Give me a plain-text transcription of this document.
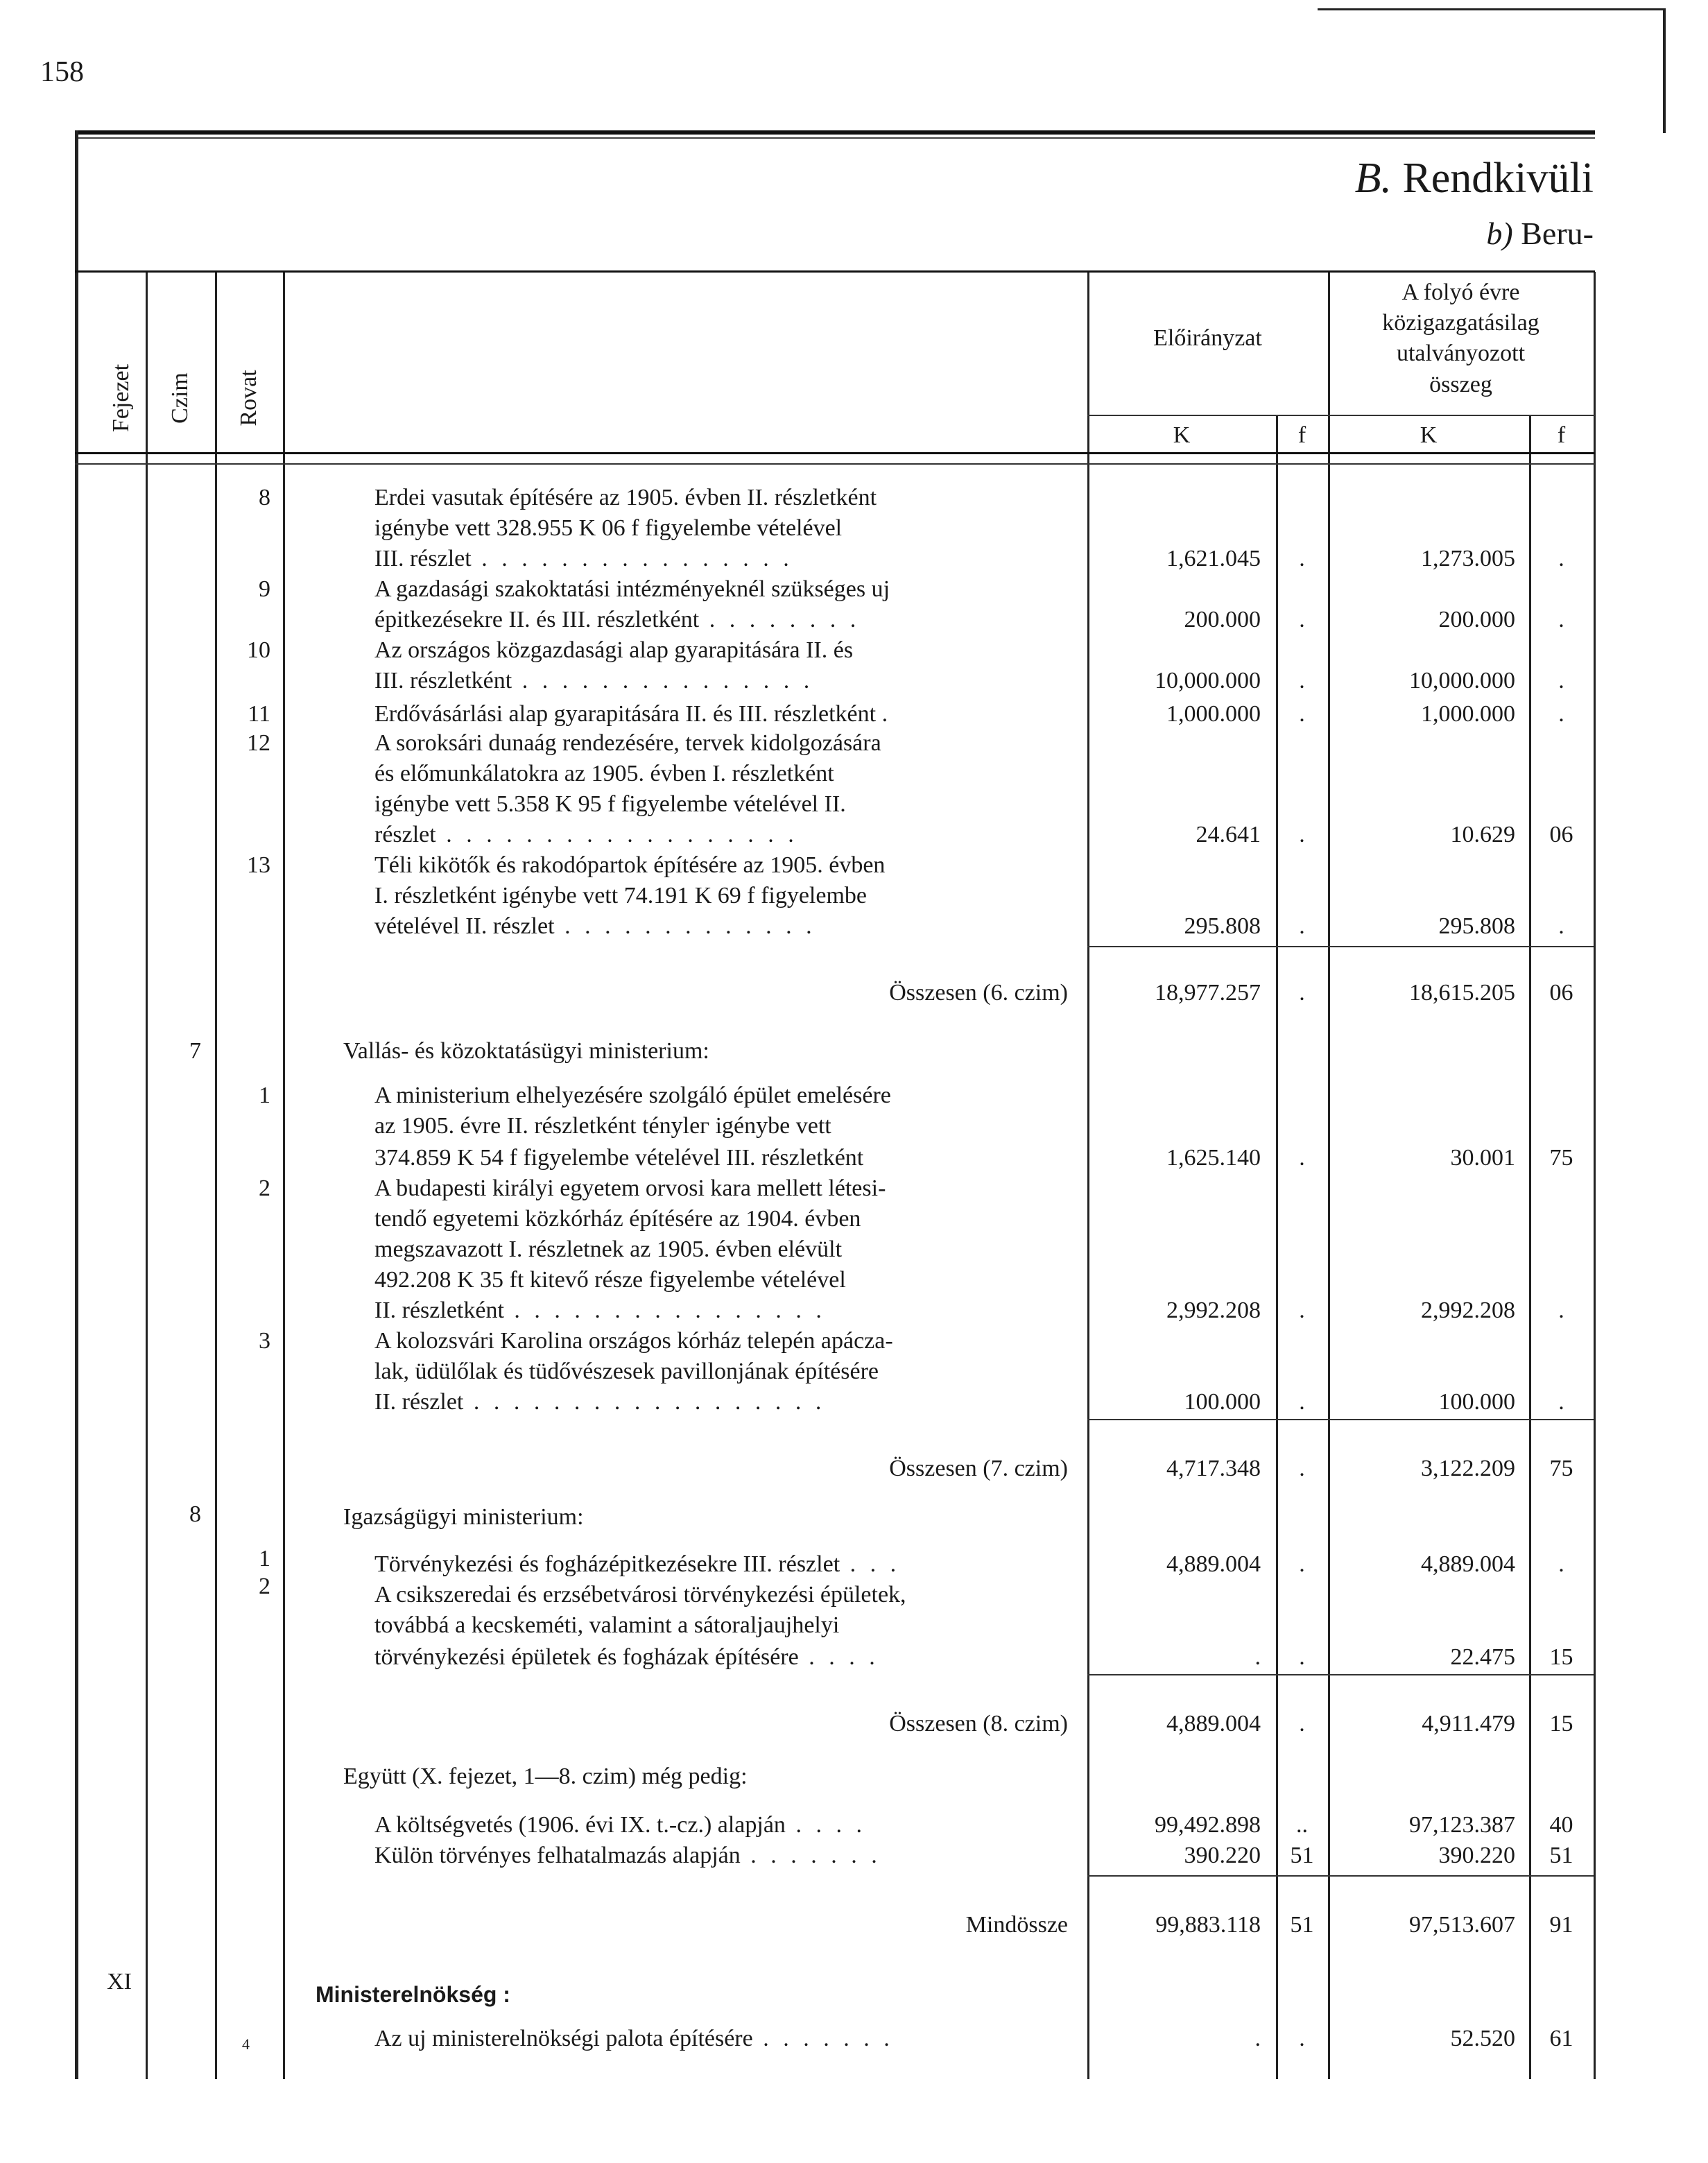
158
B. Rendkivüli
b) Beru-
Fejezet Czim Rovat
Előirányzat
A folyó évre
közigazgatásilag
utalványozott
összeg
K	f	K	f
8	Erdei vasutak építésére az 1905. évben II. részletként
igénybe vett 328.955 K 06 f figyelembe vételével
III. részlet . . . . . . . . . . . . . . . .	1,621.045	.	1,273.005	.
9	A gazdasági szakoktatási intézményeknél szükséges uj
épitkezésekre II. és III. részletként . . . . . . . .	200.000	.	200.000	.
10	Az országos közgazdasági alap gyarapitására II. és
III. részletként . . . . . . . . . . . . . . .	10,000.000	.	10,000.000	.
11	Erdővásárlási alap gyarapitására II. és III. részletként .	1,000.000	.	1,000.000	.
12	A soroksári dunaág rendezésére, tervek kidolgozására
és előmunkálatokra az 1905. évben I. részletként
igénybe vett 5.358 K 95 f figyelembe vételével II.
részlet . . . . . . . . . . . . . . . . . .	24.641	.	10.629	06
13	Téli kikötők és rakodópartok építésére az 1905. évben
I. részletként igénybe vett 74.191 K 69 f figyelembe
vételével II. részlet . . . . . . . . . . . . .	295.808	.	295.808	.
Összesen (6. czim)	18,977.257	.	18,615.205	06
7	Vallás- és közoktatásügyi ministerium:
1	A ministerium elhelyezésére szolgáló épület emelésére
az 1905. évre II. részletként ténylег igénybe vett
374.859 K 54 f figyelembe vételével III. részletként	1,625.140	.	30.001	75
2	A budapesti királyi egyetem orvosi kara mellett létesi-
tendő egyetemi közkórház építésére az 1904. évben
megszavazott I. részletnek az 1905. évben elévült
492.208 K 35 ft kitevő része figyelembe vételével
II. részletként . . . . . . . . . . . . . . . .	2,992.208	.	2,992.208	.
3	A kolozsvári Karolina országos kórház telepén apácza-
lak, üdülőlak és tüdővészesek pavillonjának építésére
II. részlet . . . . . . . . . . . . . . . . . .	100.000	.	100.000	.
Összesen (7. czim)	4,717.348	.	3,122.209	75
8	Igazságügyi ministerium:
1	Törvénykezési és fogházépitkezésekre III. részlet . . .	4,889.004	.	4,889.004	.
2	A csikszeredai és erzsébetvárosi törvénykezési épületek,
továbbá a kecskeméti, valamint a sátoraljaujhelyi
törvénykezési épületek és fogházak építésére . . . .	.	.	22.475	15
Összesen (8. czim)	4,889.004	.	4,911.479	15
Együtt (X. fejezet, 1—8. czim) még pedig:
A költségvetés (1906. évi IX. t.-cz.) alapján . . . .	99,492.898	..	97,123.387	40
Külön törvényes felhatalmazás alapján . . . . . . .	390.220	51	390.220	51
Mindössze	99,883.118	51	97,513.607	91
XI	Ministerelnökség :
4	Az uj ministerelnökségi palota építésére . . . . . . .	.	.	52.520	61
